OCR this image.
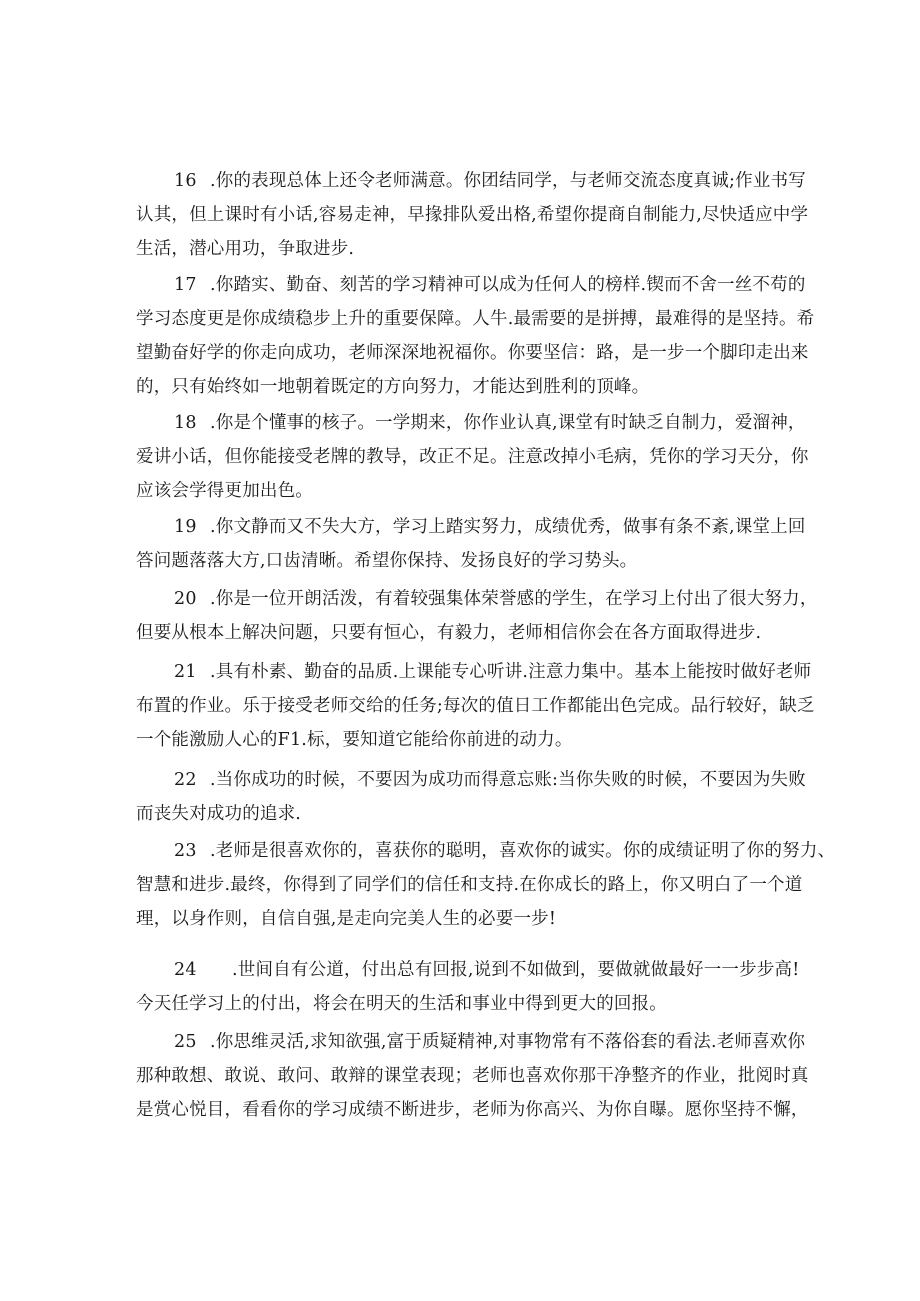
16 .你的表现总体上还令老师满意。你团结同学，与老师交流态度真诚;作业书写
认其，但上课时有小话,容易走神，早掾排队爱出格,希望你提商自制能力,尽快适应中学
生活，潜心用功，争取进步.
17 .你踏实、勤奋、刻苦的学习精神可以成为任何人的榜样.锲而不舍一丝不苟的
学习态度更是你成绩稳步上升的重要保障。人牛.最需要的是拼搏，最难得的是坚持。希
望勤奋好学的你走向成功，老师深深地祝福你。你要坚信：路，是一步一个脚印走出来
的，只有始终如一地朝着既定的方向努力，才能达到胜利的顶峰。
18 .你是个懂事的核子。一学期来，你作业认真,课堂有时缺乏自制力，爱溜神，
爱讲小话，但你能接受老牌的教导，改正不足。注意改掉小毛病，凭你的学习天分，你
应该会学得更加出色。
19 .你文静而又不失大方，学习上踏实努力，成绩优秀，做事有条不紊,课堂上回
答问题落落大方,口齿清晰。希望你保持、发扬良好的学习势头。
20 .你是一位开朗活泼，有着较强集体荣誉感的学生，在学习上付出了很大努力，
但要从根本上解决问题，只要有恒心，有毅力，老师相信你会在各方面取得进步.
21 .具有朴素、勤奋的品质.上课能专心听讲.注意力集中。基本上能按时做好老师
布置的作业。乐于接受老师交给的任务;每次的值日工作都能出色完成。品行较好，缺乏
一个能激励人心的F1.标，要知道它能给你前进的动力。
22 .当你成功的时候，不要因为成功而得意忘账:当你失败的时候，不要因为失败
而丧失对成功的追求.
23 .老师是很喜欢你的，喜获你的聪明，喜欢你的诚实。你的成绩证明了你的努力、
智慧和进步.最终，你得到了同学们的信任和支持.在你成长的路上，你又明白了一个道
理，以身作则，自信自强,是走向完美人生的必要一步!
24 .世间自有公道，付出总有回报,说到不如做到，要做就做最好一一步步高!
今天任学习上的付出，将会在明天的生活和事业中得到更大的回报。
25 .你思维灵活,求知欲强,富于质疑精神,对事物常有不落俗套的看法.老师喜欢你
那种敢想、敢说、敢问、敢辩的课堂表现；老师也喜欢你那干净整齐的作业，批阅时真
是赏心悦目，看看你的学习成绩不断进步，老师为你高兴、为你自曝。愿你坚持不懈，
